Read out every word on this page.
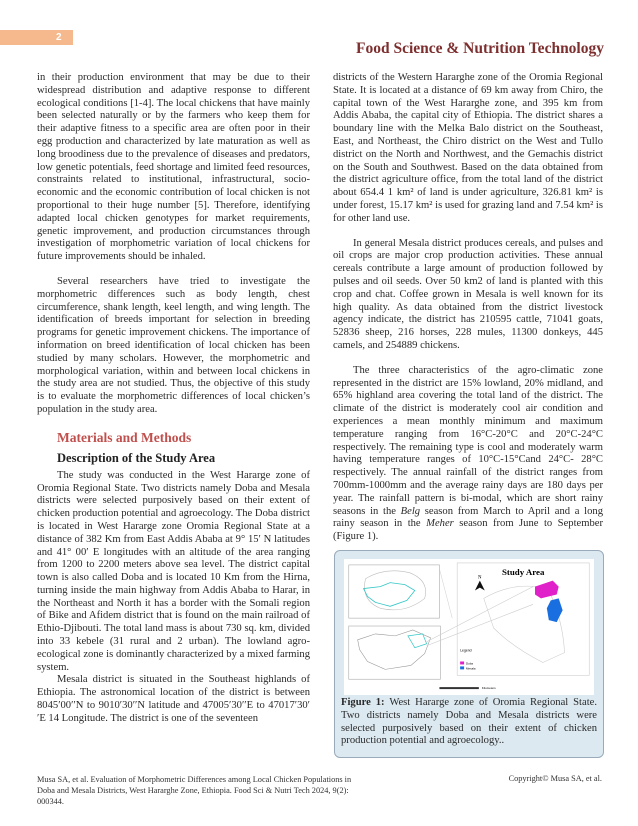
2
Food Science & Nutrition Technology

in their production environment that may be due to their widespread distribution and adaptive response to different ecological conditions [1-4]. The local chickens that have mainly been selected naturally or by the farmers who keep them for their adaptive fitness to a specific area are often poor in their egg production and characterized by late maturation as well as long broodiness due to the prevalence of diseases and predators, low genetic potentials, feed shortage and limited feed resources, constraints related to institutional, infrastructural, socio-economic and the economic contribution of local chicken is not proportional to their huge number [5]. Therefore, identifying adapted local chicken genotypes for market requirements, genetic improvement, and production circumstances through investigation of morphometric variation of local chickens for future improvements should be inhaled.

Several researchers have tried to investigate the morphometric differences such as body length, chest circumference, shank length, keel length, and wing length. The identification of breeds important for selection in breeding programs for genetic improvement chickens. The importance of information on breed identification of local chicken has been studied by many scholars. However, the morphometric and morphological variation, within and between local chickens in the study area are not studied. Thus, the objective of this study is to evaluate the morphometric differences of local chicken’s population in the study area.

Materials and Methods
Description of the Study Area

The study was conducted in the West Hararge zone of Oromia Regional State. Two districts namely Doba and Mesala districts were selected purposively based on their extent of chicken production potential and agroecology. The Doba district is located in West Hararge zone Oromia Regional State at a distance of 382 Km from East Addis Ababa at 9° 15′ N latitudes and 41° 00′ E longitudes with an altitude of the area ranging from 1200 to 2200 meters above sea level. The district capital town is also called Doba and is located 10 Km from the Hirna, turning inside the main highway from Addis Ababa to Harar, in the Northeast and North it has a border with the Somali region of Bike and Afidem district that is found on the main railroad of Ethio-Djibouti. The total land mass is about 730 sq. km, divided into 33 kebele (31 rural and 2 urban). The lowland agro-ecological zone is dominantly characterized by a mixed farming system.

Mesala district is situated in the Southeast highlands of Ethiopia. The astronomical location of the district is between 8045′00′′N to 9010′30′′N latitude and 47005′30′′E to 47017′30′′E 14 Longitude. The district is one of the seventeen

districts of the Western Hararghe zone of the Oromia Regional State. It is located at a distance of 69 km away from Chiro, the capital town of the West Hararghe zone, and 395 km from Addis Ababa, the capital city of Ethiopia. The district shares a boundary line with the Melka Balo district on the Southeast, East, and Northeast, the Chiro district on the West and Tullo district on the North and Northwest, and the Gemachis district on the South and Southwest. Based on the data obtained from the district agriculture office, from the total land of the district about 654.4 1 km² of land is under agriculture, 326.81 km² is under forest, 15.17 km² is used for grazing land and 7.54 km² is for other land use.

In general Mesala district produces cereals, and pulses and oil crops are major crop production activities. These annual cereals contribute a large amount of production followed by pulses and oil seeds. Over 50 km2 of land is planted with this crop and chat. Coffee grown in Mesala is well known for its high quality. As data obtained from the district livestock agency indicate, the district has 210595 cattle, 71041 goats, 52836 sheep, 216 horses, 228 mules, 11300 donkeys, 445 camels, and 254889 chickens.

The three characteristics of the agro-climatic zone represented in the district are 15% lowland, 20% midland, and 65% highland area covering the total land of the district. The climate of the district is moderately cool air condition and experiences a mean monthly minimum and maximum temperature ranging from 16°C-20°C and 20°C-24°C respectively. The remaining type is cool and moderately warm having temperature ranges of 10°C-15°Cand 24°C- 28°C respectively. The annual rainfall of the district ranges from 700mm-1000mm and the average rainy days are 180 days per year. The rainfall pattern is bi-modal, which are short rainy seasons in the Belg season from March to April and a long rainy season in the Meher season from June to September (Figure 1).

N
Study Area
Legend
Doba
Mesala
Kilometers
Figure 1: West Hararge zone of Oromia Regional State. Two districts namely Doba and Mesala districts were selected purposively based on their extent of chicken production potential and agroecology..
Musa SA, et al. Evaluation of Morphometric Differences among Local Chicken Populations in Doba and Mesala Districts, West Hararghe Zone, Ethiopia. Food Sci & Nutri Tech 2024, 9(2): 000344.
Copyright© Musa SA, et al.
